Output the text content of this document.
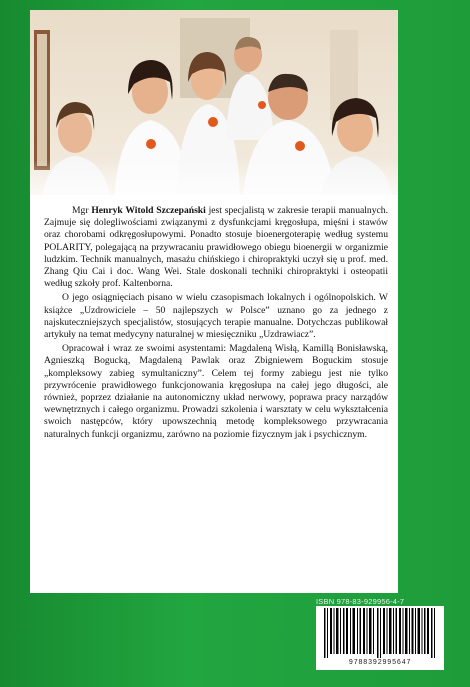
Mgr Henryk Witold Szczepański jest specjalistą w zakresie terapii manualnych. Zajmuje się dolegliwościami związanymi z dysfunkcjami kręgosłupa, mięśni i stawów oraz chorobami odkręgosłupowymi. Ponadto stosuje bioenergoterapię według systemu POLARITY, polegającą na przywracaniu prawidłowego obiegu bioenergii w organizmie ludzkim. Technik manualnych, masażu chińskiego i chiropraktyki uczył się u prof. med. Zhang Qiu Cai i doc. Wang Wei. Stale doskonali techniki chiropraktyki i osteopatii według szkoły prof. Kaltenborna.

O jego osiągnięciach pisano w wielu czasopismach lokalnych i ogólnopolskich. W książce „Uzdrowiciele – 50 najlepszych w Polsce” uznano go za jednego z najskuteczniejszych specjalistów, stosujących terapie manualne. Dotychczas publikował artykuły na temat medycyny naturalnej w miesięczniku „Uzdrawiacz”.

Opracował i wraz ze swoimi asystentami: Magdaleną Wisłą, Kamillą Bonisławską, Agnieszką Bogucką, Magdaleną Pawlak oraz Zbigniewem Boguckim stosuje „kompleksowy zabieg symultaniczny”. Celem tej formy zabiegu jest nie tylko przywrócenie prawidłowego funkcjonowania kręgosłupa na całej jego długości, ale również, poprzez działanie na autonomiczny układ nerwowy, poprawa pracy narządów wewnętrznych i całego organizmu. Prowadzi szkolenia i warsztaty w celu wykształcenia swoich następców, który upowszechnią metodę kompleksowego przywracania naturalnych funkcji organizmu, zarówno na poziomie fizycznym jak i psychicznym.

ISBN 978-83-929956-4-7
9788392995647
